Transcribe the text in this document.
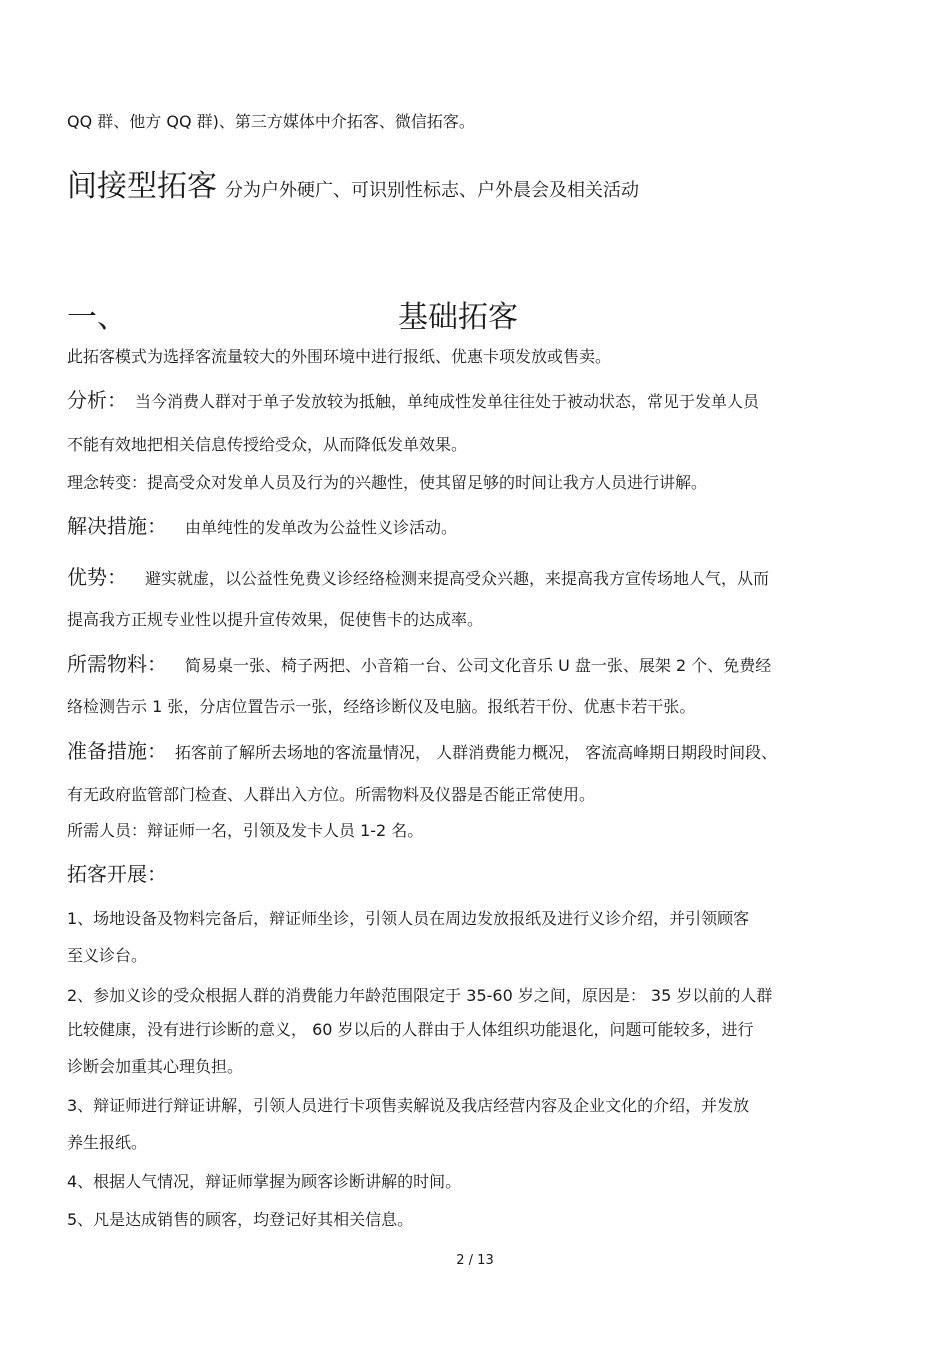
QQ 群、他方 QQ 群)、第三方媒体中介拓客、微信拓客。
间接型拓客 分为户外硬广、可识别性标志、户外晨会及相关活动
一、	基础拓客
此拓客模式为选择客流量较大的外围环境中进行报纸、优惠卡项发放或售卖。
分析： 当今消费人群对于单子发放较为抵触，单纯成性发单往往处于被动状态，常见于发单人员
不能有效地把相关信息传授给受众，从而降低发单效果。
理念转变：提高受众对发单人员及行为的兴趣性，使其留足够的时间让我方人员进行讲解。
解决措施： 由单纯性的发单改为公益性义诊活动。
优势： 避实就虚，以公益性免费义诊经络检测来提高受众兴趣，来提高我方宣传场地人气，从而
提高我方正规专业性以提升宣传效果，促使售卡的达成率。
所需物料： 简易桌一张、椅子两把、小音箱一台、公司文化音乐 U 盘一张、展架 2 个、免费经
络检测告示 1 张，分店位置告示一张，经络诊断仪及电脑。报纸若干份、优惠卡若干张。
准备措施： 拓客前了解所去场地的客流量情况， 人群消费能力概况， 客流高峰期日期段时间段、
有无政府监管部门检查、人群出入方位。所需物料及仪器是否能正常使用。
所需人员：辩证师一名，引领及发卡人员 1-2 名。
拓客开展：
1、场地设备及物料完备后，辩证师坐诊，引领人员在周边发放报纸及进行义诊介绍，并引领顾客
至义诊台。
2、参加义诊的受众根据人群的消费能力年龄范围限定于 35-60 岁之间，原因是： 35 岁以前的人群
比较健康，没有进行诊断的意义， 60 岁以后的人群由于人体组织功能退化，问题可能较多，进行
诊断会加重其心理负担。
3、辩证师进行辩证讲解，引领人员进行卡项售卖解说及我店经营内容及企业文化的介绍，并发放
养生报纸。
4、根据人气情况，辩证师掌握为顾客诊断讲解的时间。
5、凡是达成销售的顾客，均登记好其相关信息。
2 / 13
